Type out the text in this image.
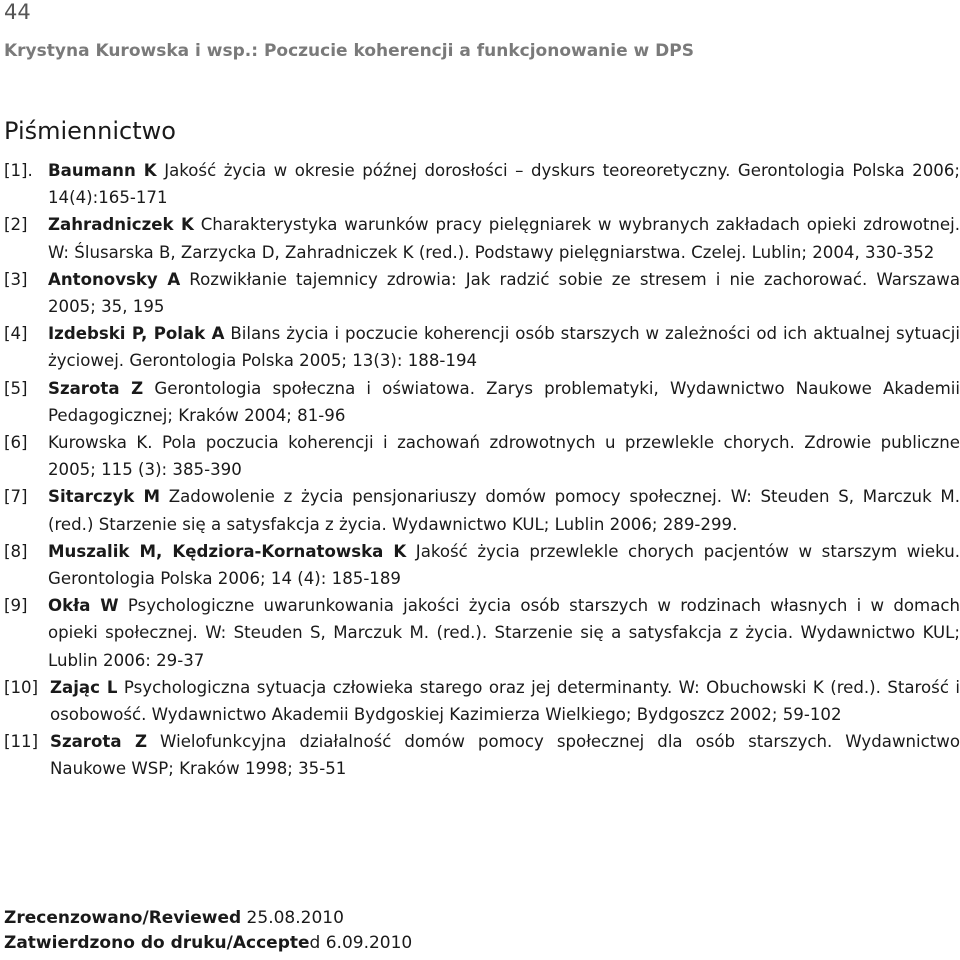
44
Krystyna Kurowska i wsp.: Poczucie koherencji a funkcjonowanie w DPS
Piśmiennictwo
[1]. Baumann K Jakość życia w okresie późnej dorosłości – dyskurs teoreoretyczny. Gerontologia Polska 2006; 14(4):165-171
[2]	Zahradniczek K Charakterystyka warunków pracy pielęgniarek w wybranych zakładach opieki zdrowotnej. W: Ślusarska B, Zarzycka D, Zahradniczek K (red.). Podstawy pielęgniarstwa. Czelej. Lublin; 2004, 330-352
[3]	Antonovsky A Rozwikłanie tajemnicy zdrowia: Jak radzić sobie ze stresem i nie zachorować. Warszawa 2005; 35, 195
[4]	Izdebski P, Polak A Bilans życia i poczucie koherencji osób starszych w zależności od ich aktualnej sytuacji życiowej. Gerontologia Polska 2005; 13(3): 188-194
[5]	Szarota Z Gerontologia społeczna i oświatowa. Zarys problematyki, Wydawnictwo Naukowe Akademii Pedagogicznej; Kraków 2004; 81-96
[6]	Kurowska K. Pola poczucia koherencji i zachowań zdrowotnych u przewlekle chorych. Zdrowie publiczne 2005; 115 (3): 385-390
[7]	Sitarczyk M Zadowolenie z życia pensjonariuszy domów pomocy społecznej. W: Steuden S, Marczuk M.(red.) Starzenie się a satysfakcja z życia. Wydawnictwo KUL; Lublin 2006; 289-299.
[8]	Muszalik M, Kędziora-Kornatowska K Jakość życia przewlekle chorych pacjentów w starszym wieku. Gerontologia Polska 2006; 14 (4): 185-189
[9]	Okła W Psychologiczne uwarunkowania jakości życia osób starszych w rodzinach własnych i w domach opieki społecznej. W: Steuden S, Marczuk M. (red.). Starzenie się a satysfakcja z życia. Wydawnictwo KUL; Lublin 2006: 29-37
[10] Zając L Psychologiczna sytuacja człowieka starego oraz jej determinanty. W: Obuchowski K (red.). Starość i osobowość. Wydawnictwo Akademii Bydgoskiej Kazimierza Wielkiego; Bydgoszcz 2002; 59-102
[11] Szarota Z Wielofunkcyjna działalność domów pomocy społecznej dla osób starszych. Wydawnictwo Naukowe WSP; Kraków 1998; 35-51
Zrecenzowano/Reviewed 25.08.2010
Zatwierdzono do druku/Accepted 6.09.2010
